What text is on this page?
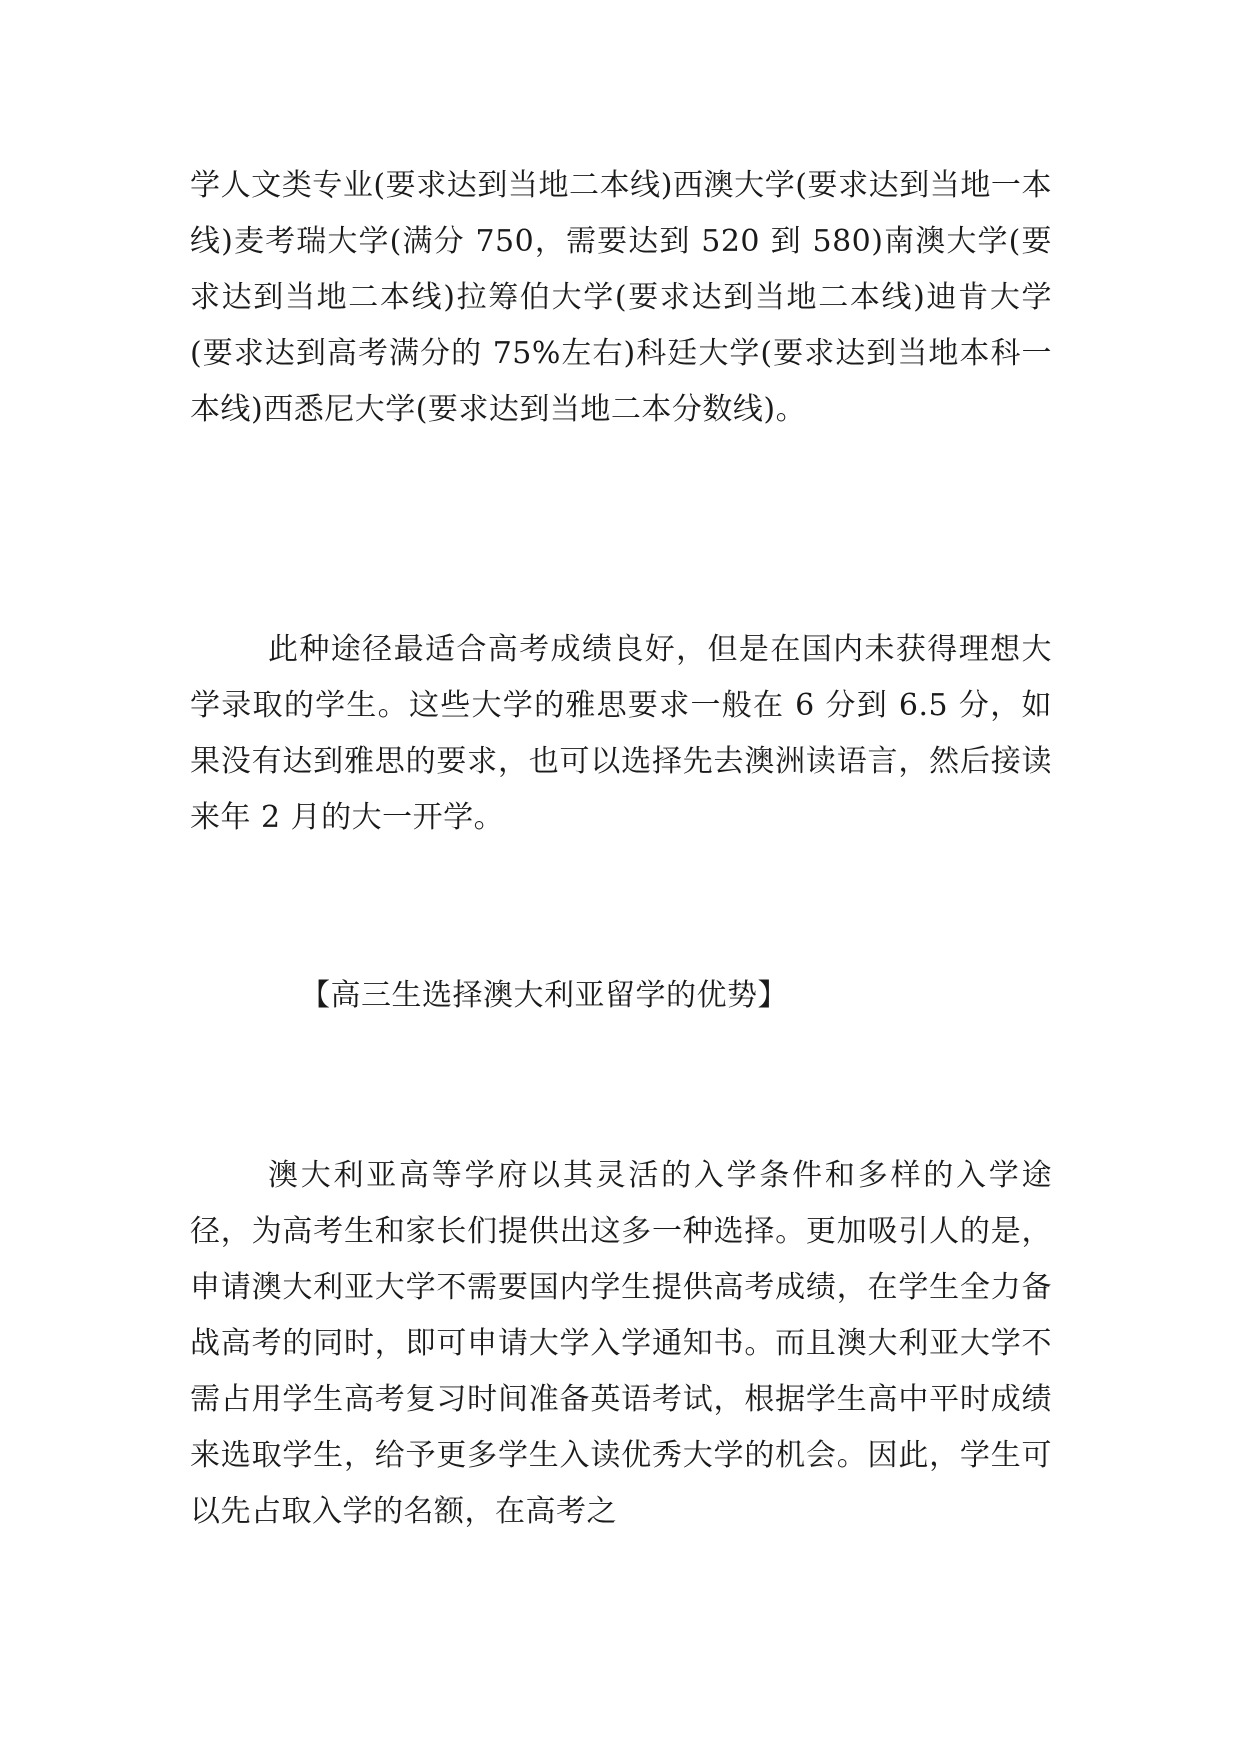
学人文类专业(要求达到当地二本线)西澳大学(要求达到当地一本线)麦考瑞大学(满分 750，需要达到 520 到 580)南澳大学(要求达到当地二本线)拉筹伯大学(要求达到当地二本线)迪肯大学(要求达到高考满分的 75%左右)科廷大学(要求达到当地本科一本线)西悉尼大学(要求达到当地二本分数线)。

此种途径最适合高考成绩良好，但是在国内未获得理想大学录取的学生。这些大学的雅思要求一般在 6 分到 6.5 分，如果没有达到雅思的要求，也可以选择先去澳洲读语言，然后接读来年 2 月的大一开学。

【高三生选择澳大利亚留学的优势】

澳大利亚高等学府以其灵活的入学条件和多样的入学途径，为高考生和家长们提供出这多一种选择。更加吸引人的是，申请澳大利亚大学不需要国内学生提供高考成绩，在学生全力备战高考的同时，即可申请大学入学通知书。而且澳大利亚大学不需占用学生高考复习时间准备英语考试，根据学生高中平时成绩来选取学生，给予更多学生入读优秀大学的机会。因此，学生可以先占取入学的名额，在高考之
